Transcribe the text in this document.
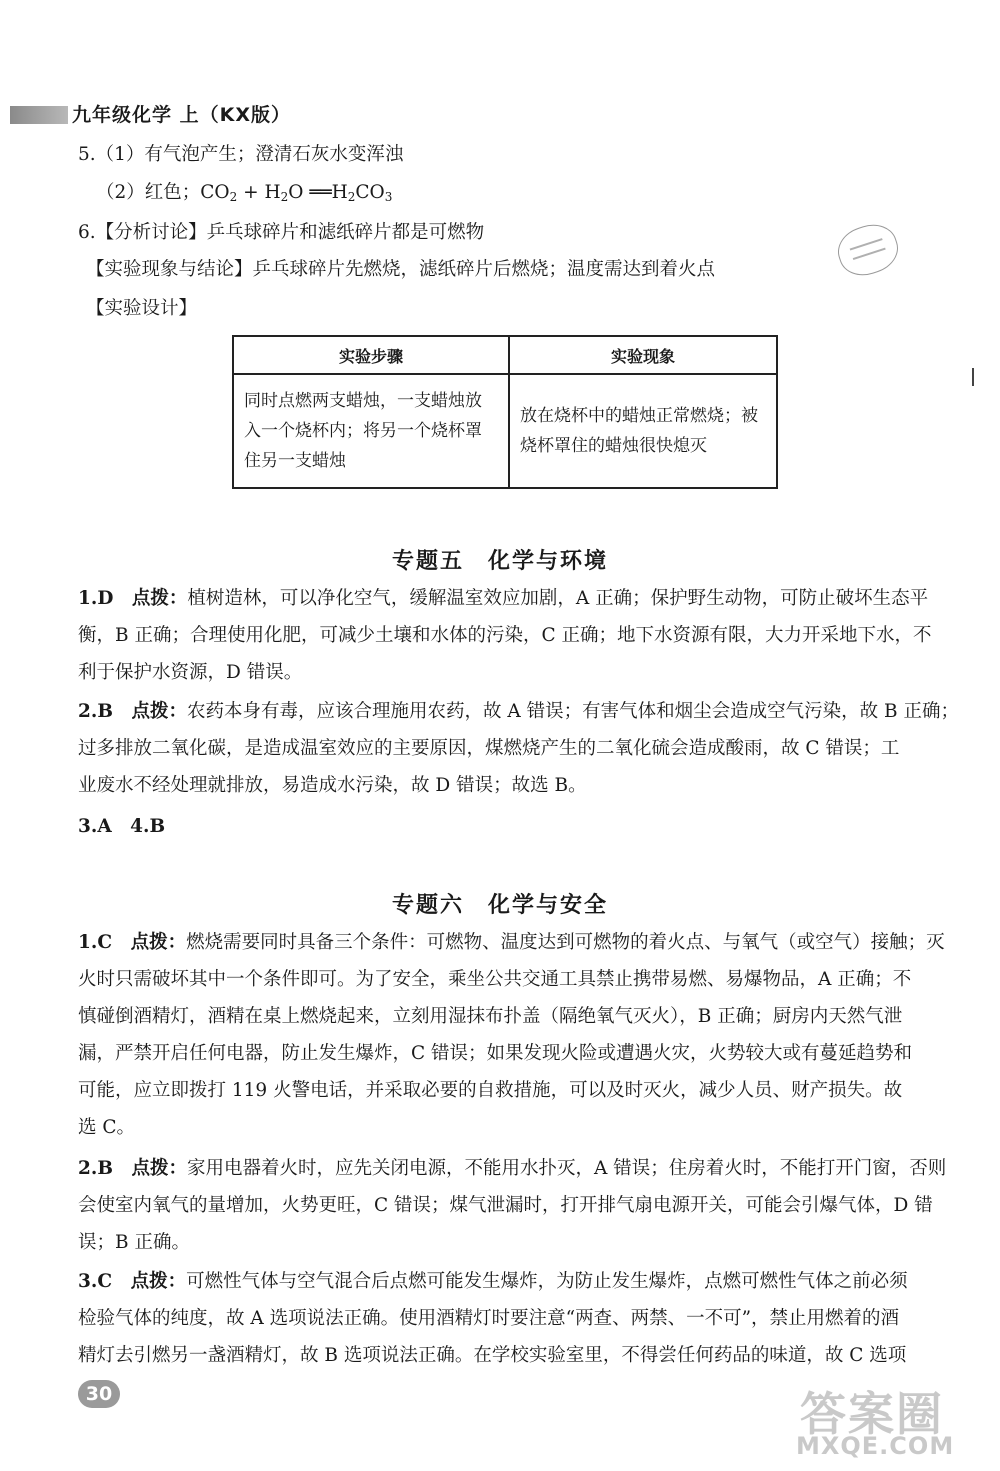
九年级化学 上（KX版）
5.（1）有气泡产生；澄清石灰水变浑浊
（2）红色；$CO_2 + H_2O$ $══H_2CO_3$
6.【分析讨论】乒乓球碎片和滤纸碎片都是可燃物
【实验现象与结论】乒乓球碎片先燃烧，滤纸碎片后燃烧；温度需达到着火点
【实验设计】
实验步骤	实验现象
同时点燃两支蜡烛，一支蜡烛放入一个烧杯内；将另一个烧杯罩住另一支蜡烛	放在烧杯中的蜡烛正常燃烧；被烧杯罩住的蜡烛很快熄灭
专题五　化学与环境
1.D　 点拨：植树造林，可以净化空气，缓解温室效应加剧，A 正确；保护野生动物，可防止破坏生态平
衡，B 正确；合理使用化肥，可减少土壤和水体的污染，C 正确；地下水资源有限，大力开采地下水，不
利于保护水资源，D 错误。
2.B　 点拨：农药本身有毒，应该合理施用农药，故 A 错误；有害气体和烟尘会造成空气污染，故 B 正确；
过多排放二氧化碳，是造成温室效应的主要原因，煤燃烧产生的二氧化硫会造成酸雨，故 C 错误；工
业废水不经处理就排放，易造成水污染，故 D 错误；故选 B。
3.A　4.B
专题六　化学与安全
1.C　 点拨：燃烧需要同时具备三个条件：可燃物、温度达到可燃物的着火点、与氧气（或空气）接触；灭
火时只需破坏其中一个条件即可。为了安全，乘坐公共交通工具禁止携带易燃、易爆物品，A 正确；不
慎碰倒酒精灯，酒精在桌上燃烧起来，立刻用湿抹布扑盖（隔绝氧气灭火），B 正确；厨房内天然气泄
漏，严禁开启任何电器，防止发生爆炸，C 错误；如果发现火险或遭遇火灾，火势较大或有蔓延趋势和
可能，应立即拨打 119 火警电话，并采取必要的自救措施，可以及时灭火，减少人员、财产损失。故
选 C。
2.B　 点拨：家用电器着火时，应先关闭电源，不能用水扑灭，A 错误；住房着火时，不能打开门窗，否则
会使室内氧气的量增加，火势更旺，C 错误；煤气泄漏时，打开排气扇电源开关，可能会引爆气体，D 错
误；B 正确。
3.C　 点拨：可燃性气体与空气混合后点燃可能发生爆炸，为防止发生爆炸，点燃可燃性气体之前必须
检验气体的纯度，故 A 选项说法正确。使用酒精灯时要注意“两查、两禁、一不可”，禁止用燃着的酒
精灯去引燃另一盏酒精灯，故 B 选项说法正确。在学校实验室里，不得尝任何药品的味道，故 C 选项
30	答案圈
MXQE.COM
